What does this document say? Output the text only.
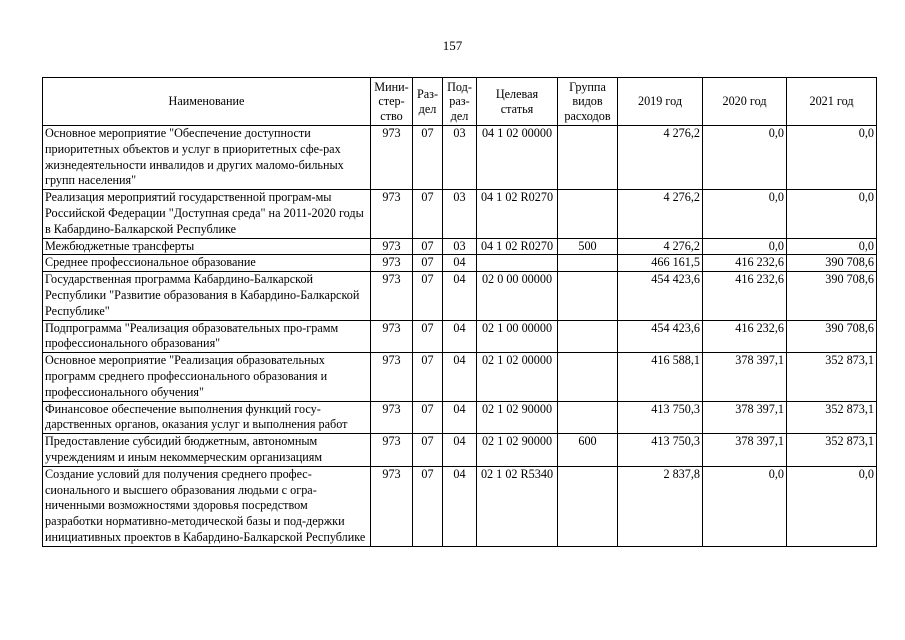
157
Наименование	Мини-
стер-
ство	Раз-
дел	Под-
раз-
дел	Целевая
статья	Группа
видов
расходов	2019 год	2020 год	2021 год
Основное мероприятие "Обеспечение доступности приоритетных объектов и услуг в приоритетных сфе-рах жизнедеятельности инвалидов и других маломо-бильных групп населения"	973	07	03	04 1 02 00000		4 276,2	0,0	0,0
Реализация мероприятий государственной програм-мы Российской Федерации "Доступная среда" на 2011-2020 годы в Кабардино-Балкарской Республике	973	07	03	04 1 02 R0270		4 276,2	0,0	0,0
Межбюджетные трансферты	973	07	03	04 1 02 R0270	500	4 276,2	0,0	0,0
Среднее профессиональное образование	973	07	04			466 161,5	416 232,6	390 708,6
Государственная программа Кабардино-Балкарской Республики "Развитие образования в Кабардино-Балкарской Республике"	973	07	04	02 0 00 00000		454 423,6	416 232,6	390 708,6
Подпрограмма "Реализация образовательных про-грамм профессионального образования"	973	07	04	02 1 00 00000		454 423,6	416 232,6	390 708,6
Основное мероприятие "Реализация образовательных программ среднего профессионального образования и профессионального обучения"	973	07	04	02 1 02 00000		416 588,1	378 397,1	352 873,1
Финансовое обеспечение выполнения функций госу-дарственных органов, оказания услуг и выполнения работ	973	07	04	02 1 02 90000		413 750,3	378 397,1	352 873,1
Предоставление субсидий бюджетным, автономным учреждениям и иным некоммерческим организациям	973	07	04	02 1 02 90000	600	413 750,3	378 397,1	352 873,1
Создание условий для получения среднего профес-сионального и высшего образования людьми с огра-ниченными возможностями здоровья посредством разработки нормативно-методической базы и под-держки инициативных проектов в Кабардино-Балкарской Республике	973	07	04	02 1 02 R5340		2 837,8	0,0	0,0
